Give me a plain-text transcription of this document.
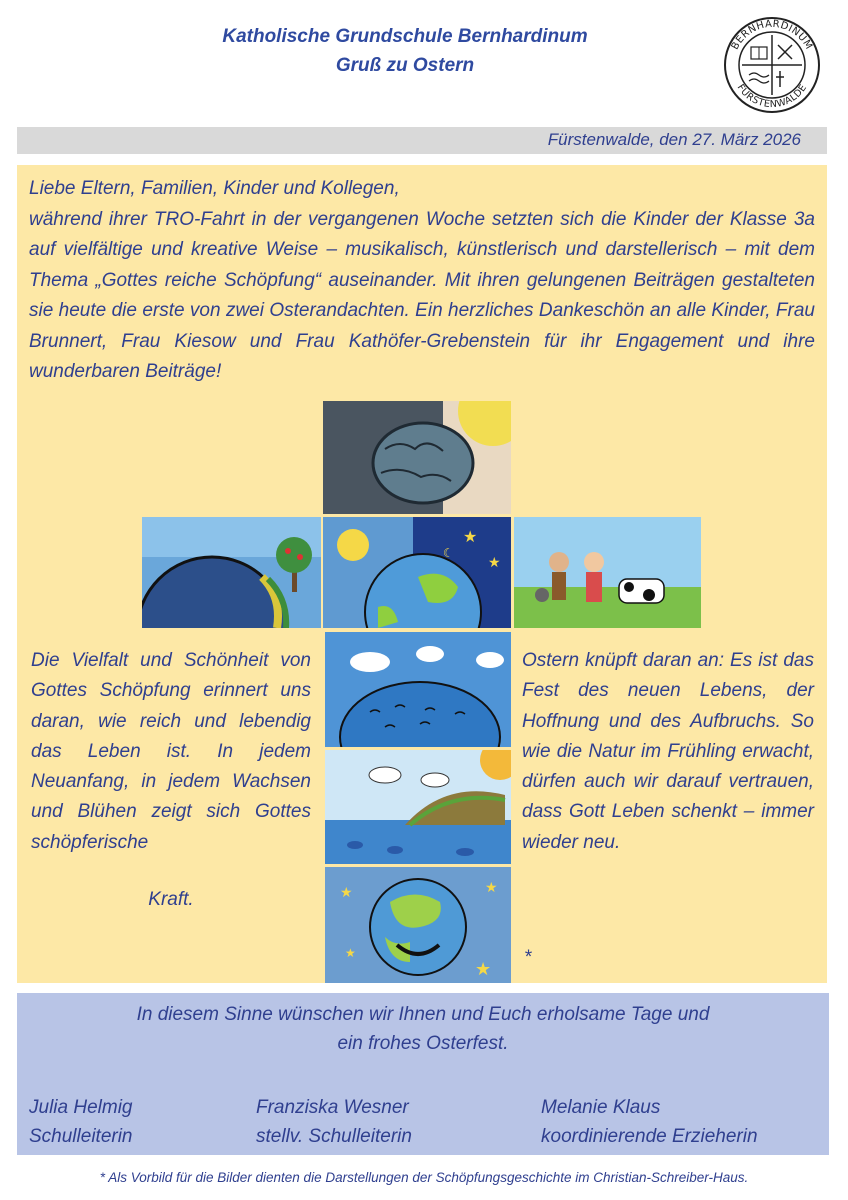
Katholische Grundschule Bernhardinum
Gruß zu Ostern
BERNHARDINUM
FÜRSTENWALDE
Fürstenwalde, den 27. März 2026
Liebe Eltern, Familien, Kinder und Kollegen,
während ihrer TRO-Fahrt in der vergangenen Woche setzten sich die Kinder der Klasse 3a auf vielfältige und kreative Weise – musikalisch, künstlerisch und darstellerisch – mit dem Thema „Gottes reiche Schöpfung“ auseinander. Mit ihren gelungenen Beiträgen gestalteten sie heute die erste von zwei Osterandachten. Ein herzliches Dankeschön an alle Kinder, Frau Brunnert, Frau Kiesow und Frau Kathöfer-Grebenstein für ihr Engagement und ihre wunderbaren Beiträge!
★
★
☾
★	★
★
★
Die Vielfalt und Schönheit von Gottes Schöpfung erinnert uns daran, wie reich und lebendig das Leben ist. In jedem Neuanfang, in jedem Wachsen und Blühen zeigt sich Gottes schöpferische
Kraft.
Ostern knüpft daran an: Es ist das Fest des neuen Lebens, der Hoffnung und des Aufbruchs. So wie die Natur im Frühling erwacht, dürfen auch wir darauf vertrauen, dass Gott Leben schenkt – immer wieder neu.
*
In diesem Sinne wünschen wir Ihnen und Euch erholsame Tage und
ein frohes Osterfest.
Julia Helmig
Schulleiterin
Franziska Wesner
stellv. Schulleiterin
Melanie Klaus
koordinierende Erzieherin
* Als Vorbild für die Bilder dienten die Darstellungen der Schöpfungsgeschichte im Christian-Schreiber-Haus.
